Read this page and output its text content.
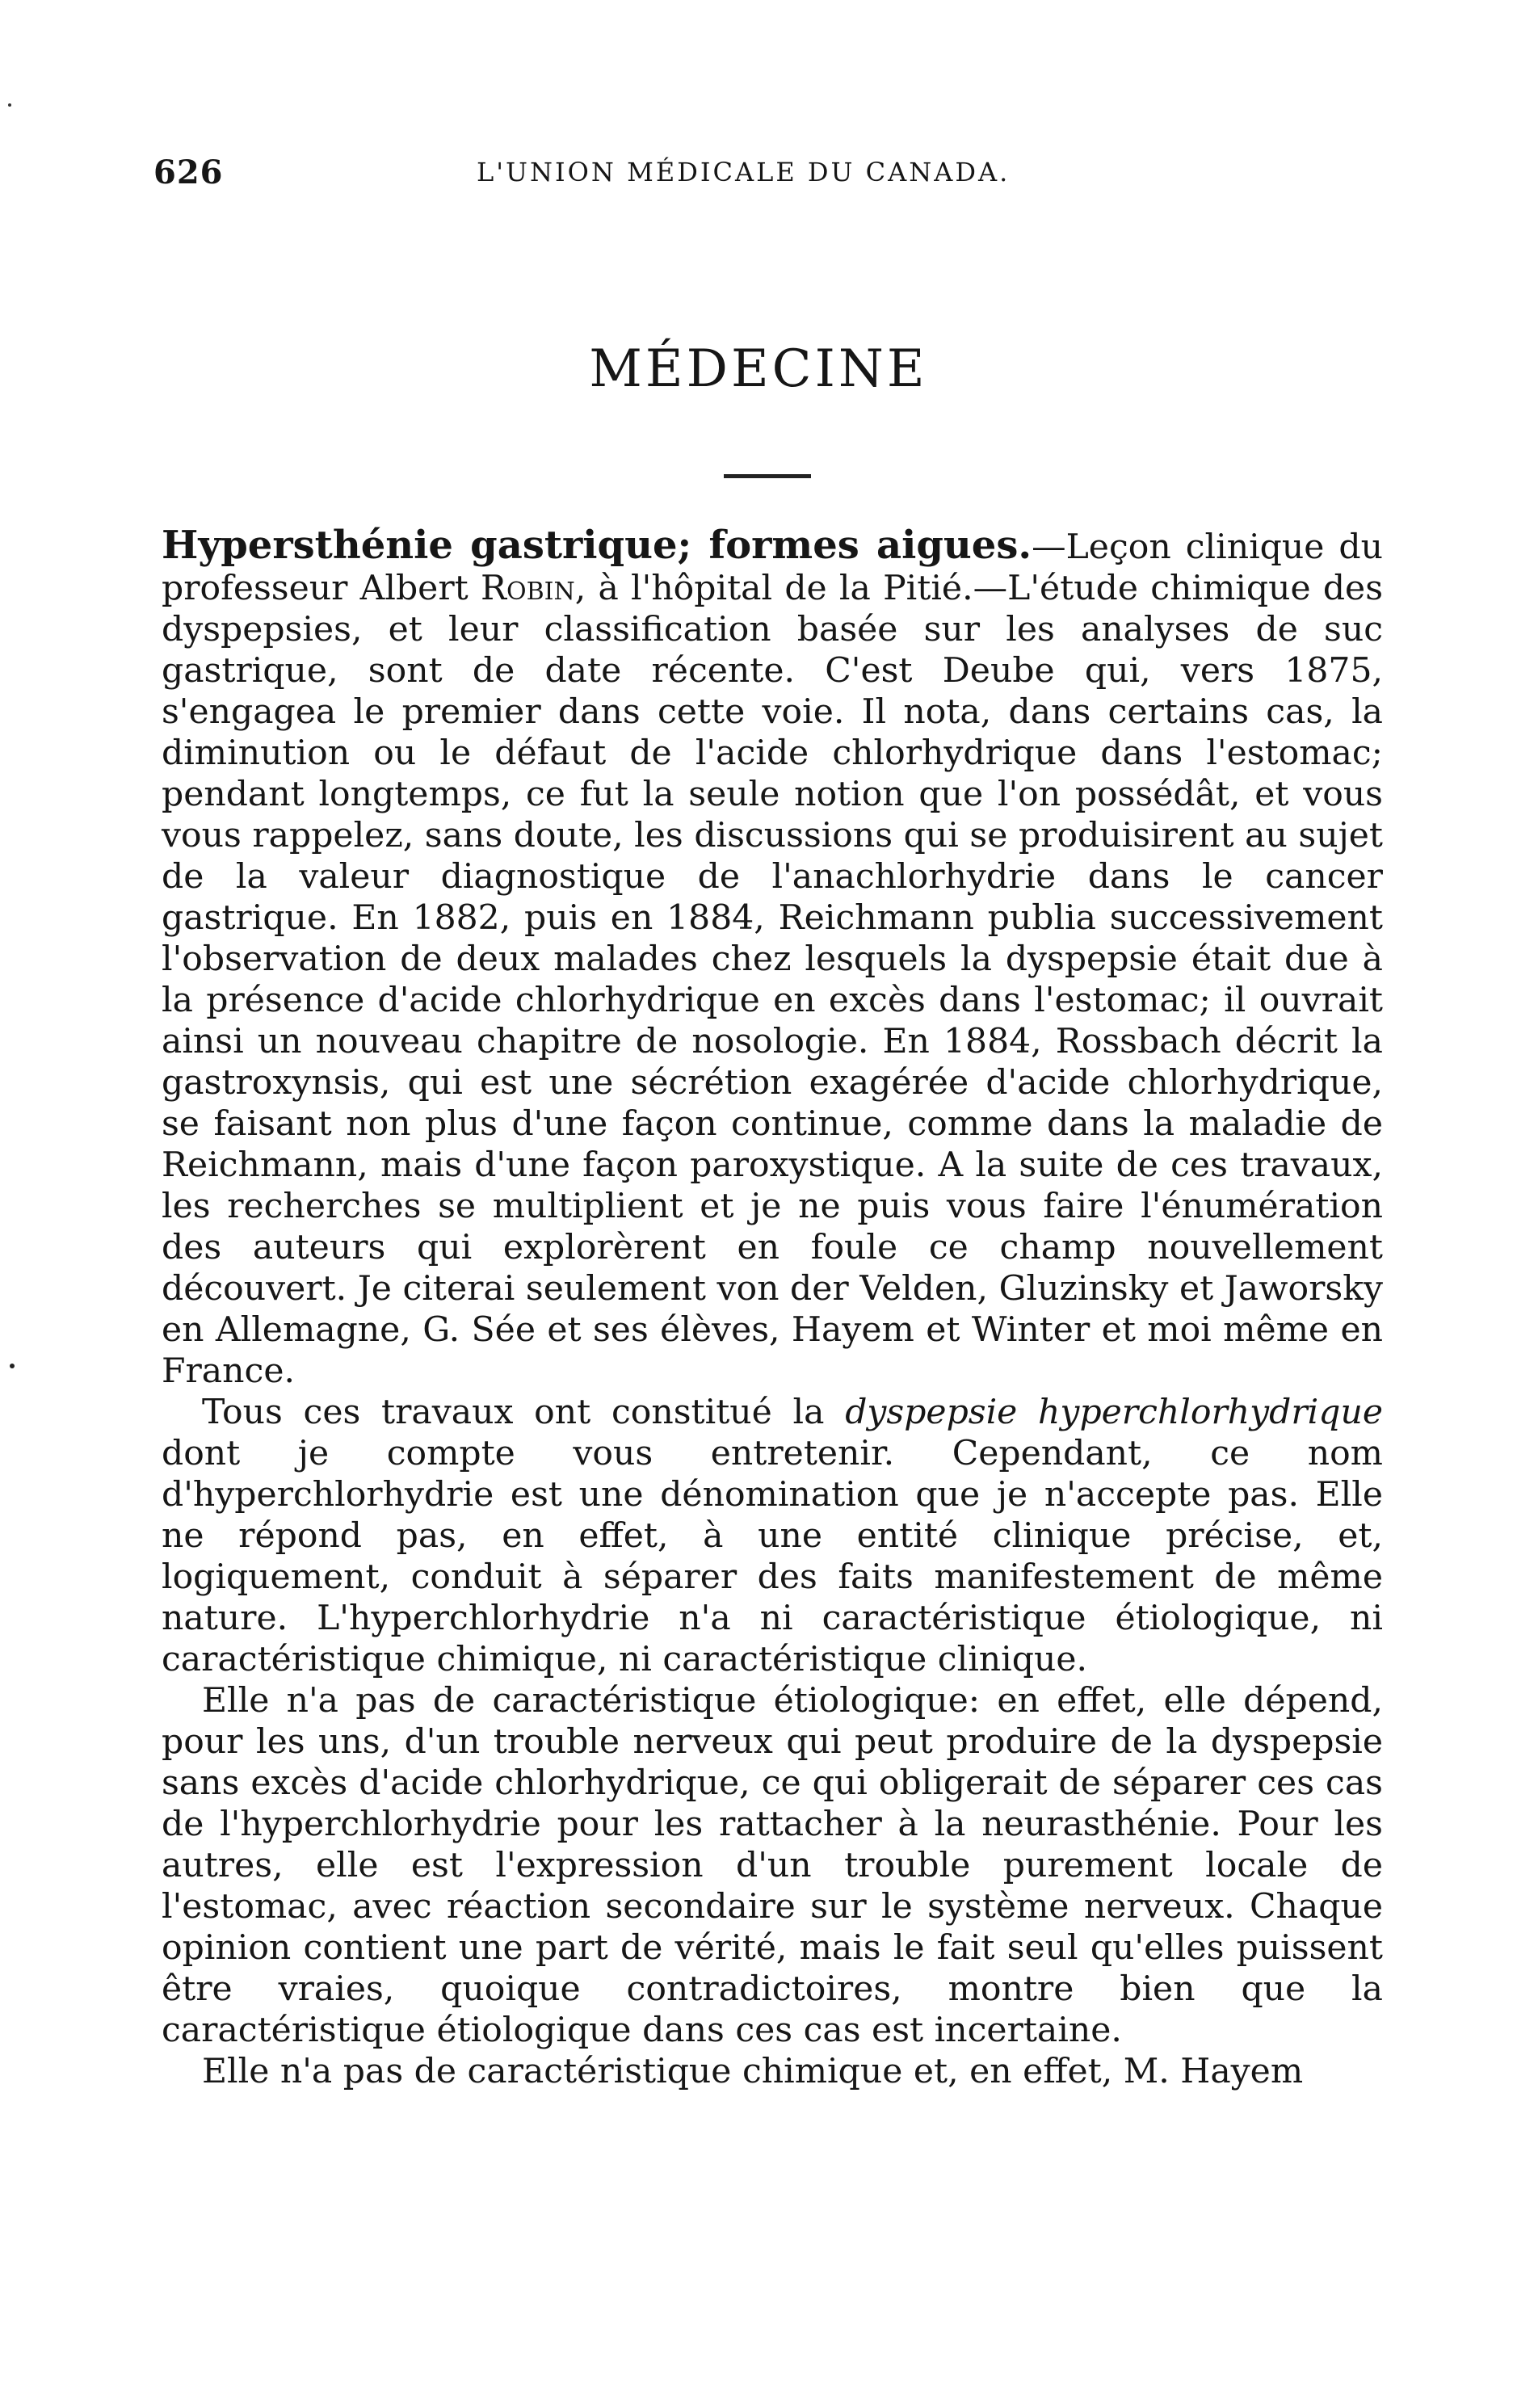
626	L'UNION MÉDICALE DU CANADA.
MÉDECINE

Hypersthénie gastrique; formes aigues.—Leçon clinique du professeur Albert Robin, à l'hôpital de la Pitié.—L'étude chimique des dyspepsies, et leur classification basée sur les analyses de suc gastrique, sont de date récente. C'est Deube qui, vers 1875, s'engagea le premier dans cette voie. Il nota, dans certains cas, la diminution ou le défaut de l'acide chlorhydrique dans l'estomac; pendant longtemps, ce fut la seule notion que l'on possédât, et vous vous rappelez, sans doute, les discussions qui se produisirent au sujet de la valeur diagnostique de l'anachlorhydrie dans le cancer gastrique. En 1882, puis en 1884, Reichmann publia successivement l'observation de deux malades chez lesquels la dyspepsie était due à la présence d'acide chlorhydrique en excès dans l'estomac; il ouvrait ainsi un nouveau chapitre de nosologie. En 1884, Rossbach décrit la gastroxynsis, qui est une sécrétion exagérée d'acide chlorhydrique, se faisant non plus d'une façon continue, comme dans la maladie de Reichmann, mais d'une façon paroxystique. A la suite de ces travaux, les recherches se multiplient et je ne puis vous faire l'énumération des auteurs qui explorèrent en foule ce champ nouvellement découvert. Je citerai seulement von der Velden, Gluzinsky et Jaworsky en Allemagne, G. Sée et ses élèves, Hayem et Winter et moi même en France.

Tous ces travaux ont constitué la dyspepsie hyperchlorhydrique dont je compte vous entretenir. Cependant, ce nom d'hyperchlorhydrie est une dénomination que je n'accepte pas. Elle ne répond pas, en effet, à une entité clinique précise, et, logiquement, conduit à séparer des faits manifestement de même nature. L'hyperchlorhydrie n'a ni caractéristique étiologique, ni caractéristique chimique, ni caractéristique clinique.

Elle n'a pas de caractéristique étiologique: en effet, elle dépend, pour les uns, d'un trouble nerveux qui peut produire de la dyspepsie sans excès d'acide chlorhydrique, ce qui obligerait de séparer ces cas de l'hyperchlorhydrie pour les rattacher à la neurasthénie. Pour les autres, elle est l'expression d'un trouble purement locale de l'estomac, avec réaction secondaire sur le système nerveux. Chaque opinion contient une part de vérité, mais le fait seul qu'elles puissent être vraies, quoique contradictoires, montre bien que la caractéristique étiologique dans ces cas est incertaine.

Elle n'a pas de caractéristique chimique et, en effet, M. Hayem
